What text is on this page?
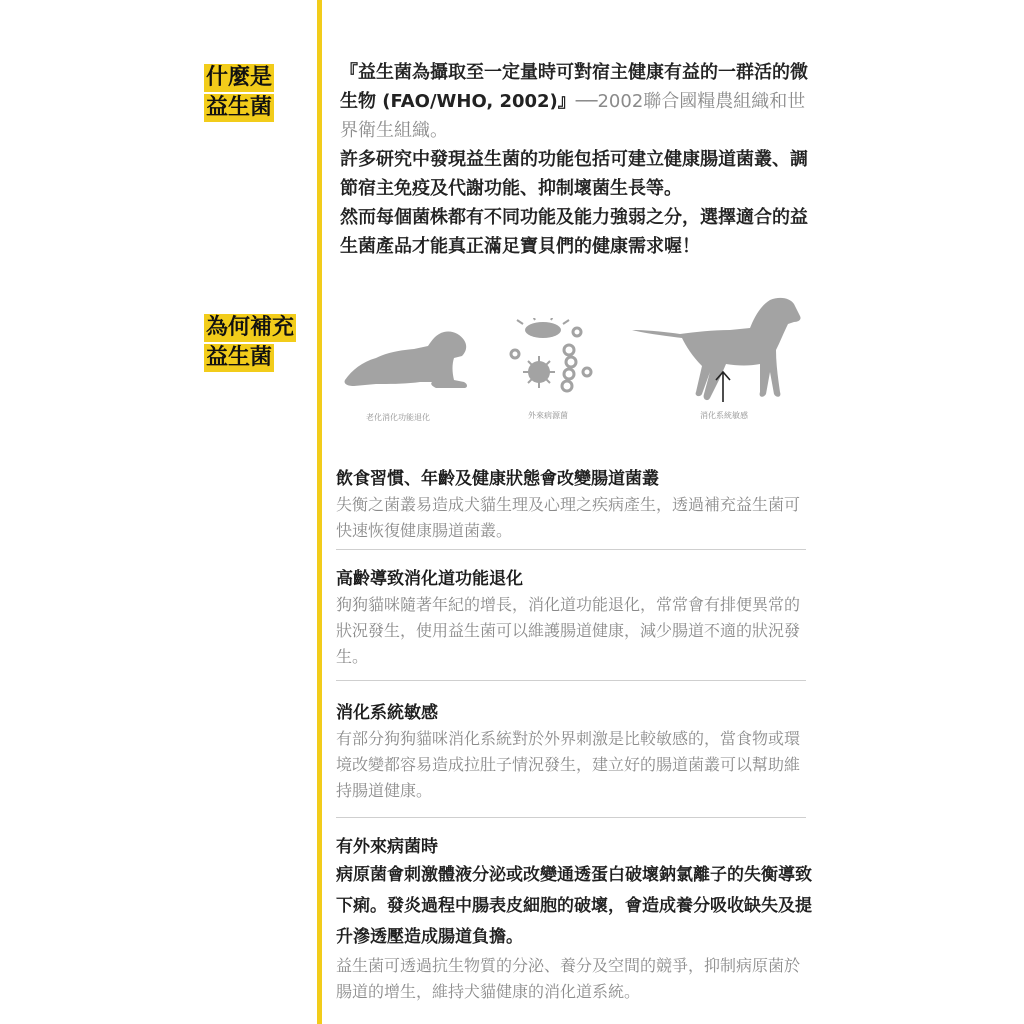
什麼是
益生菌
為何補充
益生菌

『益生菌為攝取至一定量時可對宿主健康有益的一群活的微生物 (FAO/WHO, 2002)』──2002聯合國糧農組織和世界衛生組織。

許多研究中發現益生菌的功能包括可建立健康腸道菌叢、調節宿主免疫及代謝功能、抑制壞菌生長等。

然而每個菌株都有不同功能及能力強弱之分，選擇適合的益生菌產品才能真正滿足寶貝們的健康需求喔！

老化消化功能退化	外來病源菌	消化系統敏感
飲食習慣、年齡及健康狀態會改變腸道菌叢

失衡之菌叢易造成犬貓生理及心理之疾病產生，透過補充益生菌可快速恢復健康腸道菌叢。

高齡導致消化道功能退化

狗狗貓咪隨著年紀的增長，消化道功能退化，常常會有排便異常的狀況發生，使用益生菌可以維護腸道健康，減少腸道不適的狀況發生。

消化系統敏感

有部分狗狗貓咪消化系統對於外界刺激是比較敏感的，當食物或環境改變都容易造成拉肚子情況發生，建立好的腸道菌叢可以幫助維持腸道健康。

有外來病菌時

病原菌會刺激體液分泌或改變通透蛋白破壞鈉氯離子的失衡導致下痢。發炎過程中腸表皮細胞的破壞，會造成養分吸收缺失及提升滲透壓造成腸道負擔。

益生菌可透過抗生物質的分泌、養分及空間的競爭，抑制病原菌於腸道的增生，維持犬貓健康的消化道系統。
